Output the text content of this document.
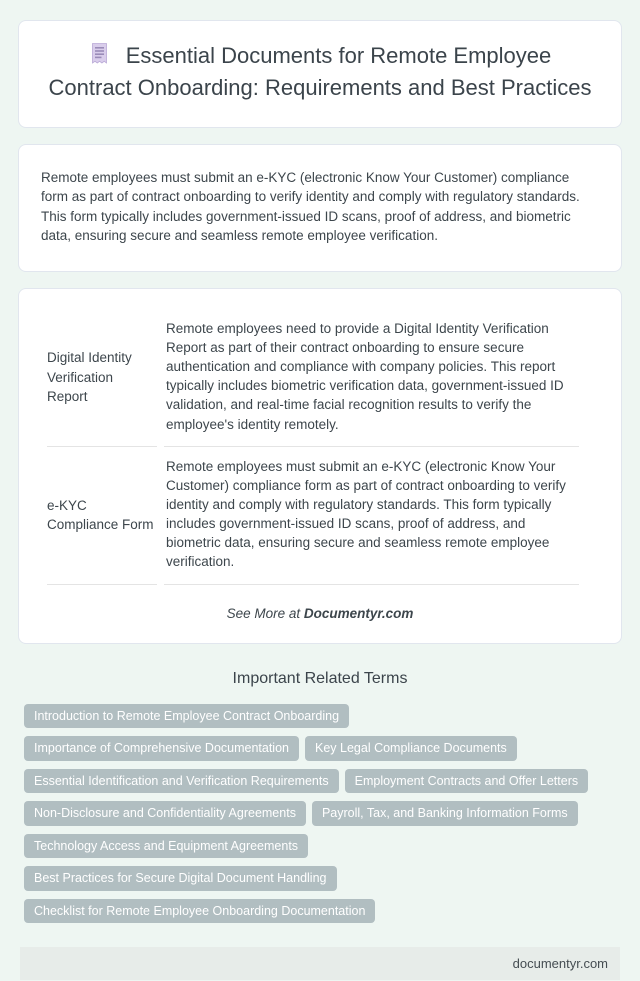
Essential Documents for Remote Employee Contract Onboarding: Requirements and Best Practices
Remote employees must submit an e-KYC (electronic Know Your Customer) compliance form as part of contract onboarding to verify identity and comply with regulatory standards. This form typically includes government-issued ID scans, proof of address, and biometric data, ensuring secure and seamless remote employee verification.
Digital Identity Verification Report	Remote employees need to provide a Digital Identity Verification Report as part of their contract onboarding to ensure secure authentication and compliance with company policies. This report typically includes biometric verification data, government-issued ID validation, and real-time facial recognition results to verify the employee's identity remotely.
e-KYC Compliance Form	Remote employees must submit an e-KYC (electronic Know Your Customer) compliance form as part of contract onboarding to verify identity and comply with regulatory standards. This form typically includes government-issued ID scans, proof of address, and biometric data, ensuring secure and seamless remote employee verification.
See More at Documentyr.com
Important Related Terms
Introduction to Remote Employee Contract OnboardingImportance of Comprehensive Documentation Key Legal Compliance DocumentsEssential Identification and Verification Requirements Employment Contracts and Offer LettersNon-Disclosure and Confidentiality Agreements Payroll, Tax, and Banking Information FormsTechnology Access and Equipment AgreementsBest Practices for Secure Digital Document HandlingChecklist for Remote Employee Onboarding Documentation
documentyr.com
